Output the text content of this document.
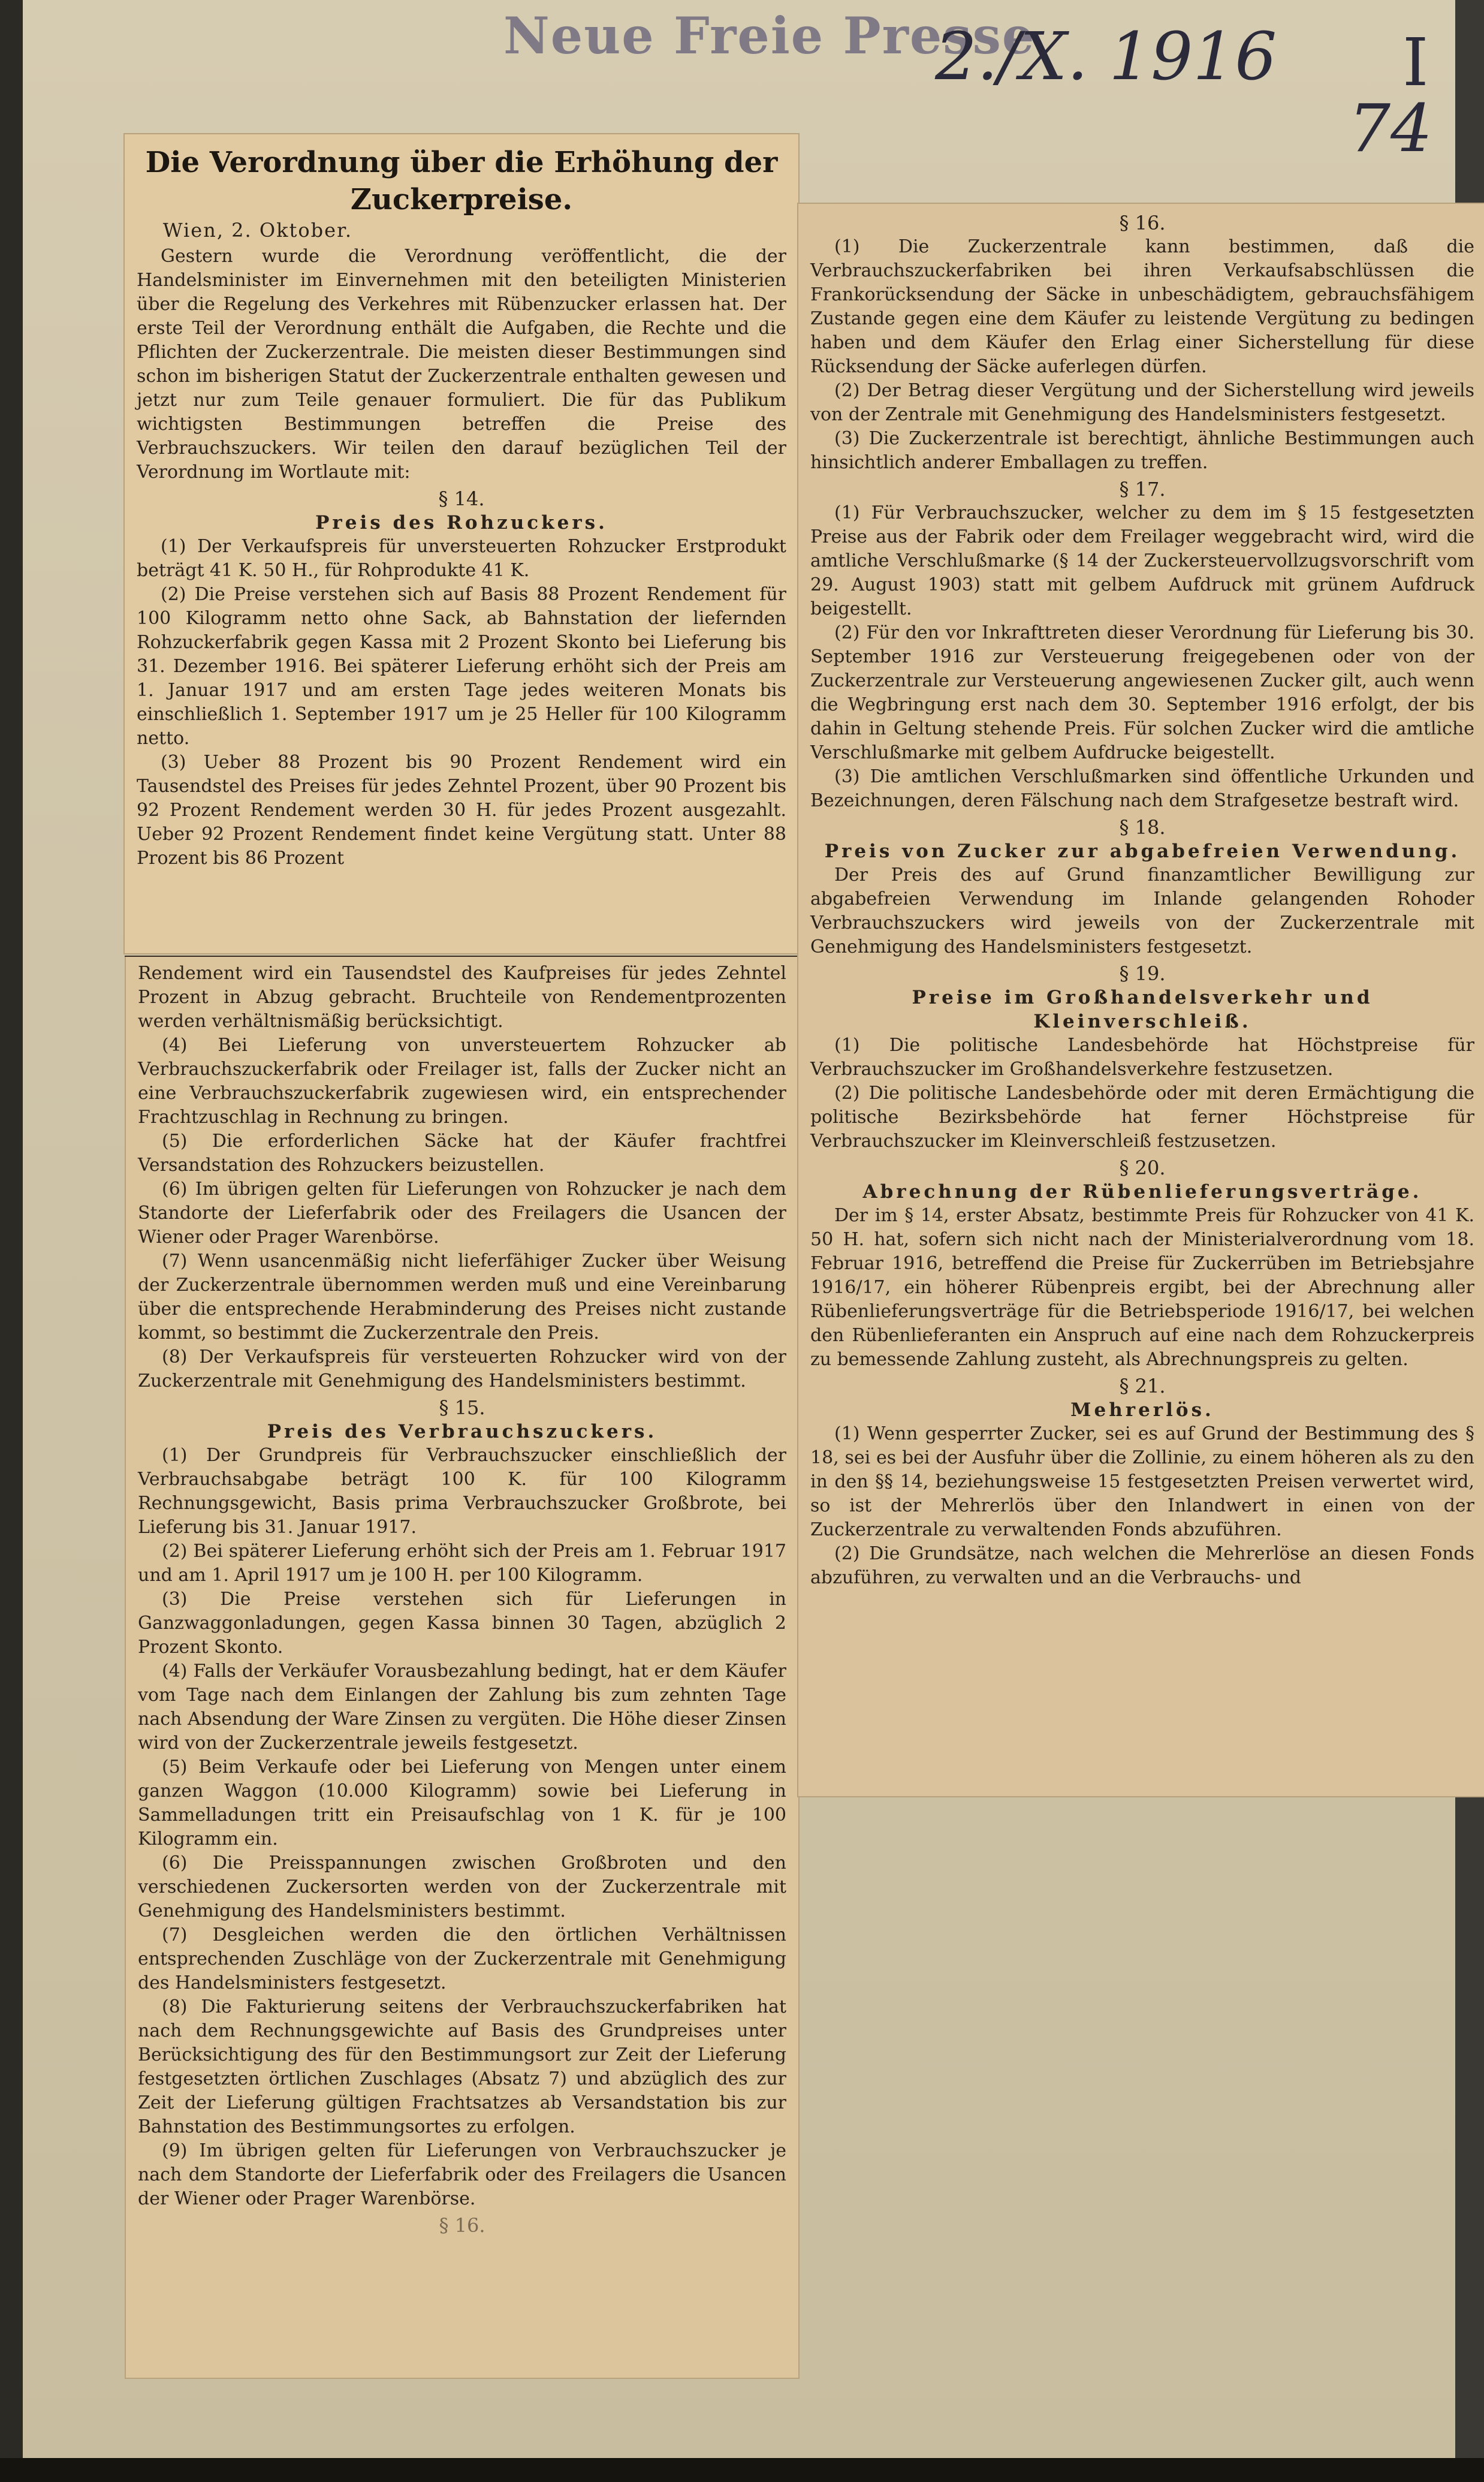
Neue Freie Presse
2./X. 1916 I
74
Die Verordnung über die Erhöhung der
Zuckerpreise.
Wien, 2. Oktober.

Gestern wurde die Verordnung veröffentlicht, die der Handelsminister im Einvernehmen mit den beteiligten Ministerien über die Regelung des Verkehres mit Rübenzucker erlassen hat. Der erste Teil der Verordnung enthält die Aufgaben, die Rechte und die Pflichten der Zuckerzentrale. Die meisten dieser Bestimmungen sind schon im bisherigen Statut der Zuckerzentrale enthalten gewesen und jetzt nur zum Teile genauer formuliert. Die für das Publikum wichtigsten Bestimmungen betreffen die Preise des Verbrauchszuckers. Wir teilen den darauf bezüglichen Teil der Verordnung im Wortlaute mit:

§ 14.

Preis des Rohzuckers.

(1) Der Verkaufspreis für unversteuerten Rohzucker Erstprodukt beträgt 41 K. 50 H., für Rohprodukte 41 K.

(2) Die Preise verstehen sich auf Basis 88 Prozent Rendement für 100 Kilogramm netto ohne Sack, ab Bahnstation der liefernden Rohzuckerfabrik gegen Kassa mit 2 Prozent Skonto bei Lieferung bis 31. Dezember 1916. Bei späterer Lieferung erhöht sich der Preis am 1. Januar 1917 und am ersten Tage jedes weiteren Monats bis einschließlich 1. September 1917 um je 25 Heller für 100 Kilogramm netto.

(3) Ueber 88 Prozent bis 90 Prozent Rendement wird ein Tausendstel des Preises für jedes Zehntel Prozent, über 90 Prozent bis 92 Prozent Rendement werden 30 H. für jedes Prozent ausgezahlt. Ueber 92 Prozent Rendement findet keine Vergütung statt. Unter 88 Prozent bis 86 Prozent

Rendement wird ein Tausendstel des Kaufpreises für jedes Zehntel Prozent in Abzug gebracht. Bruchteile von Rendementprozenten werden verhältnismäßig berücksichtigt.

(4) Bei Lieferung von unversteuertem Rohzucker ab Verbrauchszuckerfabrik oder Freilager ist, falls der Zucker nicht an eine Verbrauchszuckerfabrik zugewiesen wird, ein entsprechender Frachtzuschlag in Rechnung zu bringen.

(5) Die erforderlichen Säcke hat der Käufer frachtfrei Versandstation des Rohzuckers beizustellen.

(6) Im übrigen gelten für Lieferungen von Rohzucker je nach dem Standorte der Lieferfabrik oder des Freilagers die Usancen der Wiener oder Prager Warenbörse.

(7) Wenn usancenmäßig nicht lieferfähiger Zucker über Weisung der Zuckerzentrale übernommen werden muß und eine Vereinbarung über die entsprechende Herabminderung des Preises nicht zustande kommt, so bestimmt die Zuckerzentrale den Preis.

(8) Der Verkaufspreis für versteuerten Rohzucker wird von der Zuckerzentrale mit Genehmigung des Handelsministers bestimmt.

§ 15.

Preis des Verbrauchszuckers.

(1) Der Grundpreis für Verbrauchszucker einschließlich der Verbrauchsabgabe beträgt 100 K. für 100 Kilogramm Rechnungsgewicht, Basis prima Verbrauchszucker Großbrote, bei Lieferung bis 31. Januar 1917.

(2) Bei späterer Lieferung erhöht sich der Preis am 1. Februar 1917 und am 1. April 1917 um je 100 H. per 100 Kilogramm.

(3) Die Preise verstehen sich für Lieferungen in Ganzwaggonladungen, gegen Kassa binnen 30 Tagen, abzüglich 2 Prozent Skonto.

(4) Falls der Verkäufer Vorausbezahlung bedingt, hat er dem Käufer vom Tage nach dem Einlangen der Zahlung bis zum zehnten Tage nach Absendung der Ware Zinsen zu vergüten. Die Höhe dieser Zinsen wird von der Zuckerzentrale jeweils festgesetzt.

(5) Beim Verkaufe oder bei Lieferung von Mengen unter einem ganzen Waggon (10.000 Kilogramm) sowie bei Lieferung in Sammelladungen tritt ein Preisaufschlag von 1 K. für je 100 Kilogramm ein.

(6) Die Preisspannungen zwischen Großbroten und den verschiedenen Zuckersorten werden von der Zuckerzentrale mit Genehmigung des Handelsministers bestimmt.

(7) Desgleichen werden die den örtlichen Verhältnissen entsprechenden Zuschläge von der Zuckerzentrale mit Genehmigung des Handelsministers festgesetzt.

(8) Die Fakturierung seitens der Verbrauchszuckerfabriken hat nach dem Rechnungsgewichte auf Basis des Grundpreises unter Berücksichtigung des für den Bestimmungsort zur Zeit der Lieferung festgesetzten örtlichen Zuschlages (Absatz 7) und abzüglich des zur Zeit der Lieferung gültigen Frachtsatzes ab Versandstation bis zur Bahnstation des Bestimmungsortes zu erfolgen.

(9) Im übrigen gelten für Lieferungen von Verbrauchszucker je nach dem Standorte der Lieferfabrik oder des Freilagers die Usancen der Wiener oder Prager Warenbörse.

§ 16.

§ 16.

(1) Die Zuckerzentrale kann bestimmen, daß die Verbrauchszuckerfabriken bei ihren Verkaufsabschlüssen die Frankorücksendung der Säcke in unbeschädigtem, gebrauchsfähigem Zustande gegen eine dem Käufer zu leistende Vergütung zu bedingen haben und dem Käufer den Erlag einer Sicherstellung für diese Rücksendung der Säcke auferlegen dürfen.

(2) Der Betrag dieser Vergütung und der Sicherstellung wird jeweils von der Zentrale mit Genehmigung des Handelsministers festgesetzt.

(3) Die Zuckerzentrale ist berechtigt, ähnliche Bestimmungen auch hinsichtlich anderer Emballagen zu treffen.

§ 17.

(1) Für Verbrauchszucker, welcher zu dem im § 15 festgesetzten Preise aus der Fabrik oder dem Freilager weggebracht wird, wird die amtliche Verschlußmarke (§ 14 der Zuckersteuervollzugsvorschrift vom 29. August 1903) statt mit gelbem Aufdruck mit grünem Aufdruck beigestellt.

(2) Für den vor Inkrafttreten dieser Verordnung für Lieferung bis 30. September 1916 zur Versteuerung freigegebenen oder von der Zuckerzentrale zur Versteuerung angewiesenen Zucker gilt, auch wenn die Wegbringung erst nach dem 30. September 1916 erfolgt, der bis dahin in Geltung stehende Preis. Für solchen Zucker wird die amtliche Verschlußmarke mit gelbem Aufdrucke beigestellt.

(3) Die amtlichen Verschlußmarken sind öffentliche Urkunden und Bezeichnungen, deren Fälschung nach dem Strafgesetze bestraft wird.

§ 18.

Preis von Zucker zur abgabefreien Verwendung.

Der Preis des auf Grund finanzamtlicher Bewilligung zur abgabefreien Verwendung im Inlande gelangenden Rohoder Verbrauchszuckers wird jeweils von der Zuckerzentrale mit Genehmigung des Handelsministers festgesetzt.

§ 19.

Preise im Großhandelsverkehr und Kleinverschleiß.

(1) Die politische Landesbehörde hat Höchstpreise für Verbrauchszucker im Großhandelsverkehre festzusetzen.

(2) Die politische Landesbehörde oder mit deren Ermächtigung die politische Bezirksbehörde hat ferner Höchstpreise für Verbrauchszucker im Kleinverschleiß festzusetzen.

§ 20.

Abrechnung der Rübenlieferungsverträge.

Der im § 14, erster Absatz, bestimmte Preis für Rohzucker von 41 K. 50 H. hat, sofern sich nicht nach der Ministerialverordnung vom 18. Februar 1916, betreffend die Preise für Zuckerrüben im Betriebsjahre 1916/17, ein höherer Rübenpreis ergibt, bei der Abrechnung aller Rübenlieferungsverträge für die Betriebsperiode 1916/17, bei welchen den Rübenlieferanten ein Anspruch auf eine nach dem Rohzuckerpreis zu bemessende Zahlung zusteht, als Abrechnungspreis zu gelten.

§ 21.

Mehrerlös.

(1) Wenn gesperrter Zucker, sei es auf Grund der Bestimmung des § 18, sei es bei der Ausfuhr über die Zollinie, zu einem höheren als zu den in den §§ 14, beziehungsweise 15 festgesetzten Preisen verwertet wird, so ist der Mehrerlös über den Inlandwert in einen von der Zuckerzentrale zu verwaltenden Fonds abzuführen.

(2) Die Grundsätze, nach welchen die Mehrerlöse an diesen Fonds abzuführen, zu verwalten und an die Verbrauchs- und
